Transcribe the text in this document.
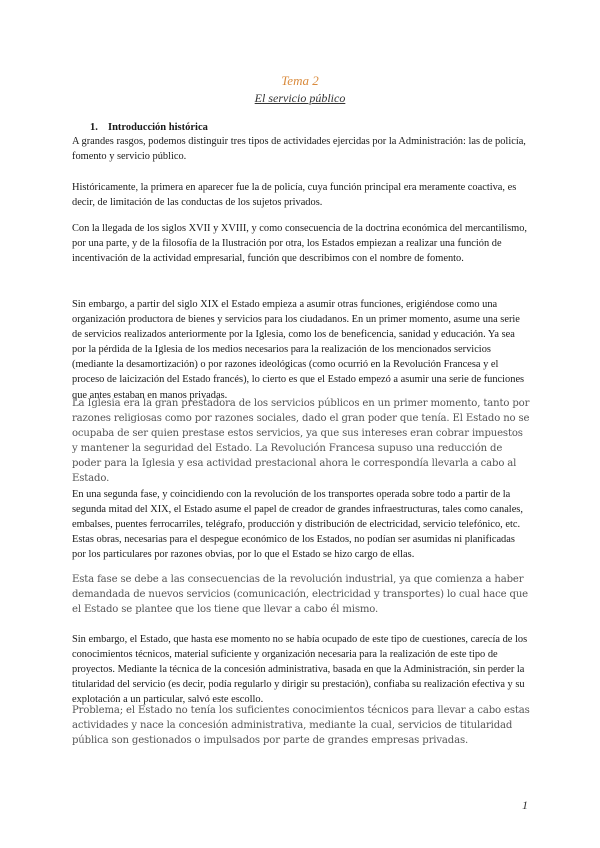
Tema 2
El servicio público
1. Introducción histórica

A grandes rasgos, podemos distinguir tres tipos de actividades ejercidas por la Administración: las de policía, fomento y servicio público.

Históricamente, la primera en aparecer fue la de policía, cuya función principal era meramente coactiva, es decir, de limitación de las conductas de los sujetos privados.

Con la llegada de los siglos XVII y XVIII, y como consecuencia de la doctrina económica del mercantilismo, por una parte, y de la filosofía de la Ilustración por otra, los Estados empiezan a realizar una función de incentivación de la actividad empresarial, función que describimos con el nombre de fomento.

Sin embargo, a partir del siglo XIX el Estado empieza a asumir otras funciones, erigiéndose como una organización productora de bienes y servicios para los ciudadanos. En un primer momento, asume una serie de servicios realizados anteriormente por la Iglesia, como los de beneficencia, sanidad y educación. Ya sea por la pérdida de la Iglesia de los medios necesarios para la realización de los mencionados servicios (mediante la desamortización) o por razones ideológicas (como ocurrió en la Revolución Francesa y el proceso de laicización del Estado francés), lo cierto es que el Estado empezó a asumir una serie de funciones que antes estaban en manos privadas.

La Iglesia era la gran prestadora de los servicios públicos en un primer momento, tanto por razones religiosas como por razones sociales, dado el gran poder que tenía. El Estado no se ocupaba de ser quien prestase estos servicios, ya que sus intereses eran cobrar impuestos y mantener la seguridad del Estado. La Revolución Francesa supuso una reducción de poder para la Iglesia y esa actividad prestacional ahora le correspondía llevarla a cabo al Estado.

En una segunda fase, y coincidiendo con la revolución de los transportes operada sobre todo a partir de la segunda mitad del XIX, el Estado asume el papel de creador de grandes infraestructuras, tales como canales, embalses, puentes ferrocarriles, telégrafo, producción y distribución de electricidad, servicio telefónico, etc. Estas obras, necesarias para el despegue económico de los Estados, no podían ser asumidas ni planificadas por los particulares por razones obvias, por lo que el Estado se hizo cargo de ellas.

Esta fase se debe a las consecuencias de la revolución industrial, ya que comienza a haber demandada de nuevos servicios (comunicación, electricidad y transportes) lo cual hace que el Estado se plantee que los tiene que llevar a cabo él mismo.

Sin embargo, el Estado, que hasta ese momento no se había ocupado de este tipo de cuestiones, carecía de los conocimientos técnicos, material suficiente y organización necesaria para la realización de este tipo de proyectos. Mediante la técnica de la concesión administrativa, basada en que la Administración, sin perder la titularidad del servicio (es decir, podía regularlo y dirigir su prestación), confiaba su realización efectiva y su explotación a un particular, salvó este escollo.

Problema; el Estado no tenía los suficientes conocimientos técnicos para llevar a cabo estas actividades y nace la concesión administrativa, mediante la cual, servicios de titularidad pública son gestionados o impulsados por parte de grandes empresas privadas.

1
